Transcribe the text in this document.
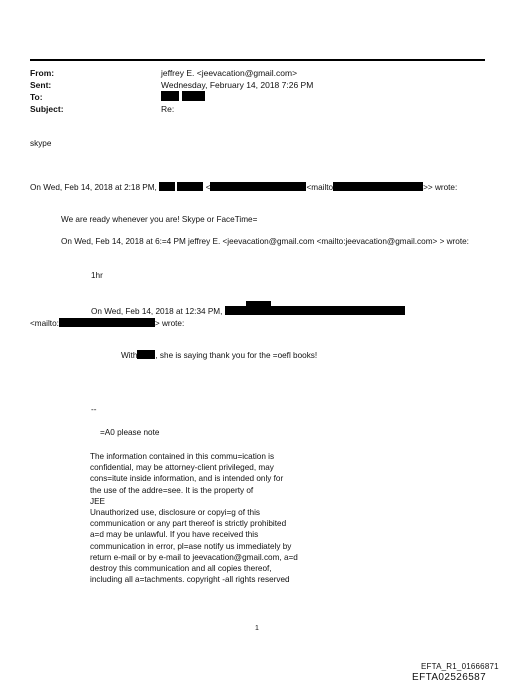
From:	jeffrey E. <jeevacation@gmail.com>
Sent:	Wednesday, February 14, 2018 7:26 PM
To:
Subject:	Re:
skype
On Wed, Feb 14, 2018 at 2:18 PM,	<	<mailto	>> wrote:
We are ready whenever you are! Skype or FaceTime=
On Wed, Feb 14, 2018 at 6:=4 PM jeffrey E. <jeevacation@gmail.com <mailto:jeevacation@gmail.com> > wrote:
1hr
On Wed, Feb 14, 2018 at 12:34 PM,
<mailto:	> wrote:
With , she is saying thank you for the =oefl books!
--
=A0 please note
The information contained in this commu=ication is
confidential, may be attorney-client privileged, may
cons=itute inside information, and is intended only for
the use of the addre=see. It is the property of
JEE
Unauthorized use, disclosure or copyi=g of this
communication or any part thereof is strictly prohibited
a=d may be unlawful. If you have received this
communication in error, pl=ase notify us immediately by
return e-mail or by e-mail to jeevacation@gmail.com, a=d
destroy this communication and all copies thereof,
including all a=tachments. copyright -all rights reserved
1
EFTA_R1_01666871
EFTA02526587
